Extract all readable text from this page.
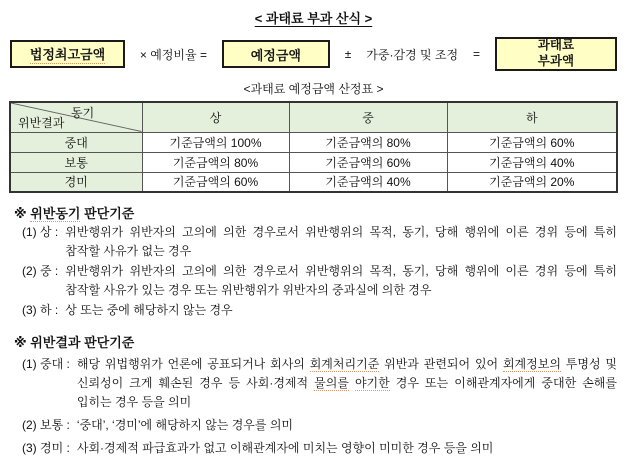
< 과태료 부과 산식 >
법정최고금액	× 예정비율 =	예정금액	± 가중·감경 및 조정 =
과태료
부과액
<과태료 예정금액 산정표 >
동기
위반결과	상	중	하
중대	기준금액의 100%	기준금액의 80%	기준금액의 60%
보통	기준금액의 80%	기준금액의 60%	기준금액의 40%
경미	기준금액의 60%	기준금액의 40%	기준금액의 20%
※ 위반동기 판단기준
(1) 상 : 위반행위가 위반자의 고의에 의한 경우로서 위반행위의 목적, 동기, 당해 행위에 이른 경위 등에 특히 참작할 사유가 없는 경우
(2) 중 : 위반행위가 위반자의 고의에 의한 경우로서 위반행위의 목적, 동기, 당해 행위에 이른 경위 등에 특히 참작할 사유가 있는 경우 또는 위반행위가 위반자의 중과실에 의한 경우
(3) 하 : 상 또는 중에 해당하지 않는 경우
※ 위반결과 판단기준
(1) 중대 : 해당 위법행위가 언론에 공표되거나 회사의 회계처리기준 위반과 관련되어 있어 회계정보의 투명성 및 신뢰성이 크게 훼손된 경우 등 사회·경제적 물의를 야기한 경우 또는 이해관계자에게 중대한 손해를 입히는 경우 등을 의미
(2) 보통 : ‘중대’, ‘경미’에 해당하지 않는 경우를 의미
(3) 경미 : 사회·경제적 파급효과가 없고 이해관계자에 미치는 영향이 미미한 경우 등을 의미
